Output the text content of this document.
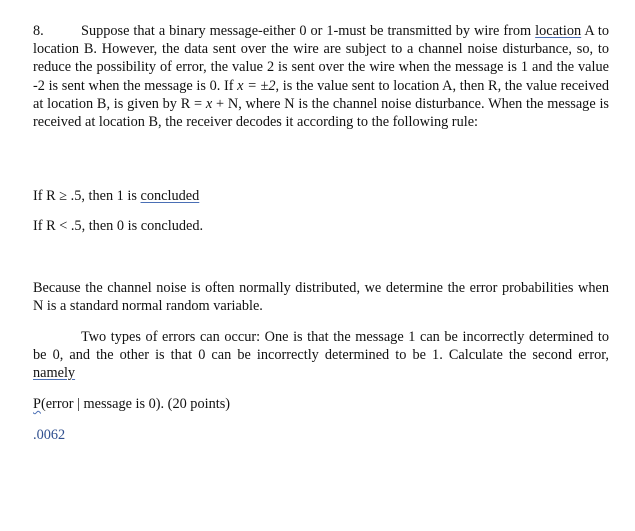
8.	Suppose that a binary message-either 0 or 1-must be transmitted by wire from location A to location B. However, the data sent over the wire are subject to a channel noise disturbance, so, to reduce the possibility of error, the value 2 is sent over the wire when the message is 1 and the value -2 is sent when the message is 0. If x = ±2, is the value sent to location A, then R, the value received at location B, is given by R = x + N, where N is the channel noise disturbance. When the message is received at location B, the receiver decodes it according to the following rule:

If R ≥ .5, then 1 is concluded

If R < .5, then 0 is concluded.

Because the channel noise is often normally distributed, we determine the error probabilities when N is a standard normal random variable.

Two types of errors can occur: One is that the message 1 can be incorrectly determined to be 0, and the other is that 0 can be incorrectly determined to be 1. Calculate the second error, namely

P(error | message is 0). (20 points)

.0062
